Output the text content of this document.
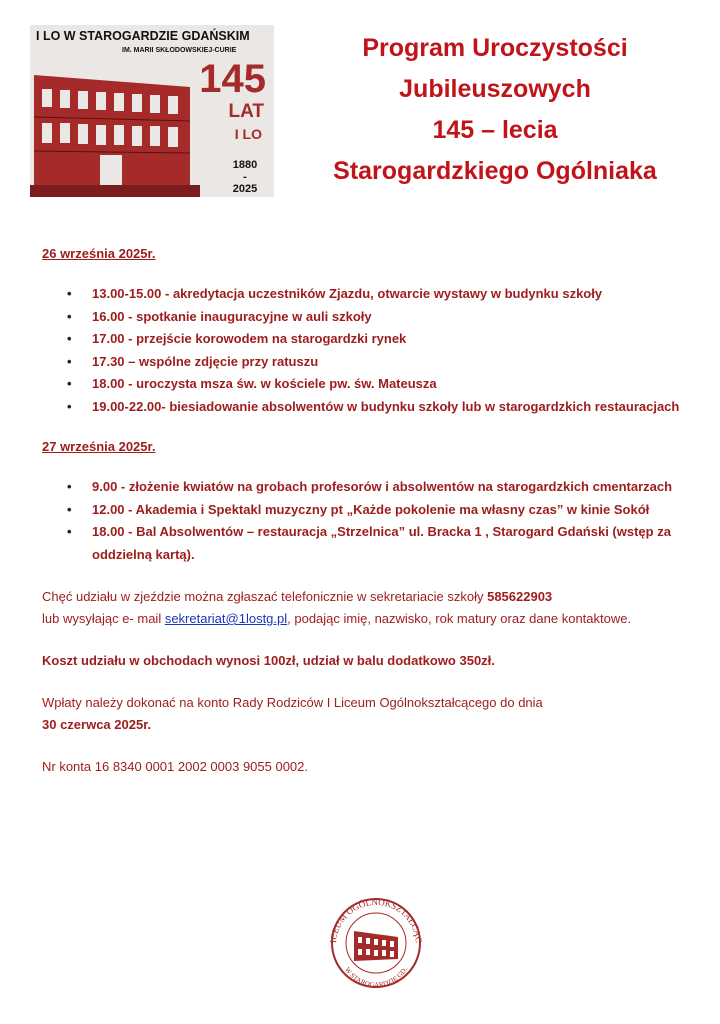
I LO W STAROGARDZIE GDAŃSKIM
IM. MARII SKŁODOWSKIEJ-CURIE
145
LAT
I LO
1880
-
2025
Program Uroczystości
Jubileuszowych
145 – lecia
Starogardzkiego Ogólniaka

26 września 2025r.

• 13.00-15.00 - akredytacja uczestników Zjazdu, otwarcie wystawy w budynku szkoły
• 16.00 - spotkanie inauguracyjne w auli szkoły
• 17.00 - przejście korowodem na starogardzki rynek
• 17.30 – wspólne zdjęcie przy ratuszu
• 18.00 - uroczysta msza św. w kościele pw. św. Mateusza
• 19.00-22.00- biesiadowanie absolwentów w budynku szkoły lub w starogardzkich restauracjach

27 września 2025r.

• 9.00 - złożenie kwiatów na grobach profesorów i absolwentów na starogardzkich cmentarzach
• 12.00 - Akademia i Spektakl muzyczny pt „Każde pokolenie ma własny czas” w kinie Sokół
• 18.00 - Bal Absolwentów – restauracja „Strzelnica” ul. Bracka 1 , Starogard Gdański (wstęp za oddzielną kartą).

Chęć udziału w zjeździe można zgłaszać telefonicznie w sekretariacie szkoły 585622903
lub wysyłając e- mail sekretariat@1lostg.pl, podając imię, nazwisko, rok matury oraz dane kontaktowe.

Koszt udziału w obchodach wynosi 100zł, udział w balu dodatkowo 350zł.

Wpłaty należy dokonać na konto Rady Rodziców I Liceum Ogólnokształcącego do dnia
30 czerwca 2025r.

Nr konta 16 8340 0001 2002 0003 9055 0002.

ICEUM OGÓLNOKSZTAŁCĄC
W STAROGARDZIE GD.
